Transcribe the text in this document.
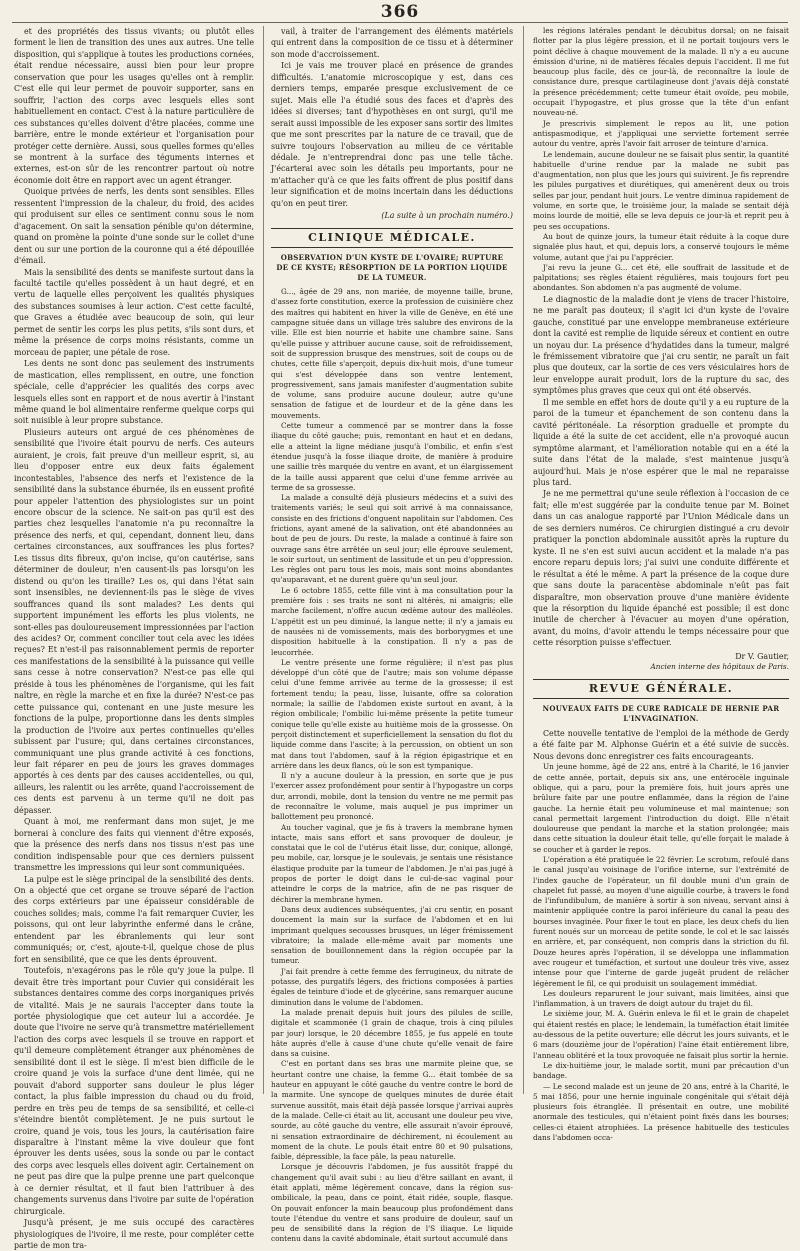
366

et des propriétés des tissus vivants; ou plutôt elles forment le lien de transition des unes aux autres. Une telle disposition, qui s'applique à toutes les productions cornées, était rendue nécessaire, aussi bien pour leur propre conservation que pour les usages qu'elles ont à remplir. C'est elle qui leur permet de pouvoir supporter, sans en souffrir, l'action des corps avec lesquels elles sont habituellement en contact. C'est à la nature particulière de ces substances qu'elles doivent d'être placées, comme une barrière, entre le monde extérieur et l'organisation pour protéger cette dernière. Aussi, sous quelles formes qu'elles se montrent à la surface des téguments internes et externes, est-on sûr de les rencontrer partout où notre économie doit être en rapport avec un agent étranger.

Quoique privées de nerfs, les dents sont sensibles. Elles ressentent l'impression de la chaleur, du froid, des acides qui produisent sur elles ce sentiment connu sous le nom d'agacement. On sait la sensation pénible qu'on détermine, quand on promène la pointe d'une sonde sur le collet d'une dent ou sur une portion de la couronne qui a été dépouillée d'émail.

Mais la sensibilité des dents se manifeste surtout dans la faculté tactile qu'elles possèdent à un haut degré, et en vertu de laquelle elles perçoivent les qualités physiques des substances soumises à leur action. C'est cette faculté, que Graves a étudiée avec beaucoup de soin, qui leur permet de sentir les corps les plus petits, s'ils sont durs, et même la présence de corps moins résistants, comme un morceau de papier, une pétale de rose.

Les dents ne sont donc pas seulement des instruments de mastication, elles remplissent, en outre, une fonction spéciale, celle d'apprécier les qualités des corps avec lesquels elles sont en rapport et de nous avertir à l'instant même quand le bol alimentaire renferme quelque corps qui soit nuisible à leur propre substance.

Plusieurs auteurs ont argué de ces phénomènes de sensibilité que l'ivoire était pourvu de nerfs. Ces auteurs auraient, je crois, fait preuve d'un meilleur esprit, si, au lieu d'opposer entre eux deux faits également incontestables, l'absence des nerfs et l'existence de la sensibilité dans la substance éburnée, ils en eussent profité pour appeler l'attention des physiologistes sur un point encore obscur de la science. Ne sait-on pas qu'il est des parties chez lesquelles l'anatomie n'a pu reconnaître la présence des nerfs, et qui, cependant, donnent lieu, dans certaines circonstances, aux souffrances les plus fortes? Les tissus dits fibreux, qu'on incise, qu'on cautérise, sans déterminer de douleur, n'en causent-ils pas lorsqu'on les distend ou qu'on les tiraille? Les os, qui dans l'état sain sont insensibles, ne deviennent-ils pas le siège de vives souffrances quand ils sont malades? Les dents qui supportent impunément les efforts les plus violents, ne sont-elles pas douloureusement impressionnées par l'action des acides? Or, comment concilier tout cela avec les idées reçues? Et n'est-il pas raisonnablement permis de reporter ces manifestations de la sensibilité à la puissance qui veille sans cesse à notre conservation? N'est-ce pas elle qui préside à tous les phénomènes de l'organisme, qui les fait naître, en règle la marche et en fixe la durée? N'est-ce pas cette puissance qui, contenant en une juste mesure les fonctions de la pulpe, proportionne dans les dents simples la production de l'ivoire aux pertes continuelles qu'elles subissent par l'usure; qui, dans certaines circonstances, communiquant une plus grande activité à ces fonctions, leur fait réparer en peu de jours les graves dommages apportés à ces dents par des causes accidentelles, ou qui, ailleurs, les ralentit ou les arrête, quand l'accroissement de ces dents est parvenu à un terme qu'il ne doit pas dépasser.

Quant à moi, me renfermant dans mon sujet, je me bornerai à conclure des faits qui viennent d'être exposés, que la présence des nerfs dans nos tissus n'est pas une condition indispensable pour que ces derniers puissent transmettre les impressions qui leur sont communiquées.

La pulpe est le siège principal de la sensibilité des dents. On a objecté que cet organe se trouve séparé de l'action des corps extérieurs par une épaisseur considérable de couches solides; mais, comme l'a fait remarquer Cuvier, les poissons, qui ont leur labyrinthe enfermé dans le crâne, entendent par les ébranlements qui leur sont communiqués; or, c'est, ajoute-t-il, quelque chose de plus fort en sensibilité, que ce que les dents éprouvent.

Toutefois, n'exagérons pas le rôle qu'y joue la pulpe. Il devait être très important pour Cuvier qui considérait les substances dentaires comme des corps inorganiques privés de vitalité. Mais je ne saurais l'accepter dans toute la portée physiologique que cet auteur lui a accordée. Je doute que l'ivoire ne serve qu'à transmettre matériellement l'action des corps avec lesquels il se trouve en rapport et qu'il demeure complètement étranger aux phénomènes de sensibilité dont il est le siège. Il m'est bien difficile de le croire quand je vois la surface d'une dent limée, qui ne pouvait d'abord supporter sans douleur le plus léger contact, la plus faible impression du chaud ou du froid, perdre en très peu de temps de sa sensibilité, et celle-ci s'éteindre bientôt complètement. Je ne puis surtout le croire, quand je vois, tous les jours, la cautérisation faire disparaître à l'instant même la vive douleur que font éprouver les dents usées, sous la sonde ou par le contact des corps avec lesquels elles doivent agir. Certainement on ne peut pas dire que la pulpe prenne une part quelconque à ce dernier résultat, et il faut bien l'attribuer à des changements survenus dans l'ivoire par suite de l'opération chirurgicale.

Jusqu'à présent, je me suis occupé des caractères physiologiques de l'ivoire, il me reste, pour compléter cette partie de mon tra-

vail, à traiter de l'arrangement des éléments matériels qui entrent dans la composition de ce tissu et à déterminer son mode d'accroissement.

Ici je vais me trouver placé en présence de grandes difficultés. L'anatomie microscopique y est, dans ces derniers temps, emparée presque exclusivement de ce sujet. Mais elle l'a étudié sous des faces et d'après des idées si diverses; tant d'hypothèses en ont surgi, qu'il me serait aussi impossible de les exposer sans sortir des limites que me sont prescrites par la nature de ce travail, que de suivre toujours l'observation au milieu de ce véritable dédale. Je n'entreprendrai donc pas une telle tâche. J'écarterai avec soin les détails peu importants, pour ne m'attacher qu'à ce que les faits offrent de plus positif dans leur signification et de moins incertain dans les déductions qu'on en peut tirer.

(La suite à un prochain numéro.)

CLINIQUE MÉDICALE.

OBSERVATION D'UN KYSTE DE L'OVAIRE; RUPTURE DE CE KYSTE; RÉSORPTION DE LA PORTION LIQUIDE DE LA TUMEUR.

G..., âgée de 29 ans, non mariée, de moyenne taille, brune, d'assez forte constitution, exerce la profession de cuisinière chez des maîtres qui habitent en hiver la ville de Genève, en été une campagne située dans un village très salubre des environs de la ville. Elle est bien nourrie et habite une chambre saine. Sans qu'elle puisse y attribuer aucune cause, soit de refroidissement, soit de suppression brusque des menstrues, soit de coups ou de chutes, cette fille s'aperçoit, depuis dix-huit mois, d'une tumeur qui s'est développée dans son ventre lentement, progressivement, sans jamais manifester d'augmentation subite de volume, sans produire aucune douleur, autre qu'une sensation de fatigue et de lourdeur et de la gêne dans les mouvements.

Cette tumeur a commencé par se montrer dans la fosse iliaque du côté gauche; puis, remontant en haut et en dedans, elle a atteint la ligne médiane jusqu'à l'ombilic, et enfin s'est étendue jusqu'à la fosse iliaque droite, de manière à produire une saillie très marquée du ventre en avant, et un élargissement de la taille aussi apparent que celui d'une femme arrivée au terme de sa grossesse.

La malade a consulté déjà plusieurs médecins et a suivi des traitements variés; le seul qui soit arrivé à ma connaissance, consiste en des frictions d'onguent napolitain sur l'abdomen. Ces frictions, ayant amené de la salivation, ont été abandonnées au bout de peu de jours. Du reste, la malade a continué à faire son ouvrage sans être arrêtée un seul jour; elle éprouve seulement, le soir surtout, un sentiment de lassitude et un peu d'oppression. Les règles ont paru tous les mois, mais sont moins abondantes qu'auparavant, et ne durent guère qu'un seul jour.

Le 6 octobre 1855, cette fille vint à ma consultation pour la première fois : ses traits ne sont ni altérés, ni amaigris; elle marche facilement, n'offre aucun œdème autour des malléoles. L'appétit est un peu diminué, la langue nette; il n'y a jamais eu de nausées ni de vomissements, mais des borborygmes et une disposition habituelle à la constipation. Il n'y a pas de leucorrhée.

Le ventre présente une forme régulière; il n'est pas plus développé d'un côté que de l'autre; mais son volume dépasse celui d'une femme arrivée au terme de la grossesse; il est fortement tendu; la peau, lisse, luisante, offre sa coloration normale; la saillie de l'abdomen existe surtout en avant, à la région ombilicale; l'ombilic lui-même présente la petite tumeur conique telle qu'elle existe au huitième mois de la grossesse. On perçoit distinctement et superficiellement la sensation du flot du liquide comme dans l'ascite; à la percussion, on obtient un son mat dans tout l'abdomen, sauf à la région épigastrique et en arrière dans les deux flancs, où le son est tympanique.

Il n'y a aucune douleur à la pression, en sorte que je pus l'exercer assez profondément pour sentir à l'hypogastre un corps dur, arrondi, mobile, dont la tension du ventre ne me permit pas de reconnaître le volume, mais auquel je pus imprimer un ballottement peu prononcé.

Au toucher vaginal, que je fis à travers la membrane hymen intacte, mais sans effort et sans provoquer de douleur, je constatai que le col de l'utérus était lisse, dur, conique, allongé, peu mobile, car, lorsque je le soulevais, je sentais une résistance élastique produite par la tumeur de l'abdomen. Je n'ai pas jugé à propos de porter le doigt dans le cul-de-sac vaginal pour atteindre le corps de la matrice, afin de ne pas risquer de déchirer la membrane hymen.

Dans deux audiences subséquentes, j'ai cru sentir, en posant doucement la main sur la surface de l'abdomen et en lui imprimant quelques secousses brusques, un léger frémissement vibratoire; la malade elle-même avait par moments une sensation de bouillonnement dans la région occupée par la tumeur.

J'ai fait prendre à cette femme des ferrugineux, du nitrate de potasse, des purgatifs légers, des frictions composées à parties égales de teinture d'iode et de glycérine, sans remarquer aucune diminution dans le volume de l'abdomen.

La malade prenait depuis huit jours des pilules de scille, digitale et scammonée (1 grain de chaque, trois à cinq pilules par jour) lorsque, le 20 décembre 1855, je fus appelé en toute hâte auprès d'elle à cause d'une chute qu'elle venait de faire dans sa cuisine.

C'est en portant dans ses bras une marmite pleine que, se heurtant contre une chaise, la femme G... était tombée de sa hauteur en appuyant le côté gauche du ventre contre le bord de la marmite. Une syncope de quelques minutes de durée était survenue aussitôt, mais était déjà passée lorsque j'arrivai auprès de la malade. Celle-ci était au lit, accusant une douleur peu vive, sourde, au côté gauche du ventre, elle assurait n'avoir éprouvé, ni sensation extraordinaire de déchirement, ni écoulement au moment de la chute. Le pouls était entre 80 et 90 pulsations, faible, dépressible, la face pâle, la peau naturelle.

Lorsque je découvris l'abdomen, je fus aussitôt frappé du changement qu'il avait subi : au lieu d'être saillant en avant, il était applati, même légèrement concave, dans la région sus-ombilicale, la peau, dans ce point, était ridée, souple, flasque. On pouvait enfoncer la main beaucoup plus profondément dans toute l'étendue du ventre et sans produire de douleur, sauf un peu de sensibilité dans la région de l'S iliaque. Le liquide contenu dans la cavité abdominale, était surtout accumulé dans

les régions latérales pendant le décubitus dorsal; on ne faisait flotter par la plus légère pression, et il ne portait toujours vers le point déclive à chaque mouvement de la malade. Il n'y a eu aucune émission d'urine, ni de matières fécales depuis l'accident. Il me fut beaucoup plus facile, dès ce jour-là, de reconnaître la loule de consistance dure, presque cartilagineuse dont j'avais déjà constaté la présence précédemment; cette tumeur était ovoïde, peu mobile, occupait l'hypogastre, et plus grosse que la tête d'un enfant nouveau-né.

Je prescrivis simplement le repos au lit, une potion antispasmodique, et j'appliquai une serviette fortement serrée autour du ventre, après l'avoir fait arroser de teinture d'arnica.

Le lendemain, aucune douleur ne se faisait plus sentir, la quantité habituelle d'urine rendue par la malade ne subit pas d'augmentation, non plus que les jours qui suivirent. Je fis reprendre les pilules purgatives et diurétiques, qui amenèrent deux ou trois selles par jour, pendant huit jours. Le ventre diminua rapidement de volume, en sorte que, le troisième jour, la malade se sentait déjà moins lourde de moitié, elle se leva depuis ce jour-là et reprit peu à peu ses occupations.

Au bout de quinze jours, la tumeur était réduite à la coque dure signalée plus haut, et qui, depuis lors, a conservé toujours le même volume, autant que j'ai pu l'apprécier.

J'ai revu la jeune G... cet été, elle souffrait de lassitude et de palpitations; ses règles étaient régulières, mais toujours fort peu abondantes. Son abdomen n'a pas augmenté de volume.

Le diagnostic de la maladie dont je viens de tracer l'histoire, ne me paraît pas douteux; il s'agit ici d'un kyste de l'ovaire gauche, constitué par une enveloppe membraneuse extérieure dont la cavité est remplie de liquide séreux et contient en outre un noyau dur. La présence d'hydatides dans la tumeur, malgré le frémissement vibratoire que j'ai cru sentir, ne paraît un fait plus que douteux, car la sortie de ces vers vésiculaires hors de leur enveloppe aurait produit, lors de la rupture du sac, des symptômes plus graves que ceux qui ont été observés.

Il me semble en effet hors de doute qu'il y a eu rupture de la paroi de la tumeur et épanchement de son contenu dans la cavité péritonéale. La résorption graduelle et prompte du liquide a été la suite de cet accident, elle n'a provoqué aucun symptôme alarmant, et l'amélioration notable qui en a été la suite dans l'état de la malade, s'est maintenue jusqu'à aujourd'hui. Mais je n'ose espérer que le mal ne reparaisse plus tard.

Je ne me permettrai qu'une seule réflexion à l'occasion de ce fait; elle m'est suggérée par la conduite tenue par M. Boinet dans un cas analogue rapporté par l'Union Médicale dans un de ses derniers numéros. Ce chirurgien distingué a cru devoir pratiquer la ponction abdominale aussitôt après la rupture du kyste. Il ne s'en est suivi aucun accident et la malade n'a pas encore reparu depuis lors; j'ai suivi une conduite différente et le résultat a été le même. A part la présence de la coque dure que sans doute la paracentèse abdominale n'eût pas fait disparaître, mon observation prouve d'une manière évidente que la résorption du liquide épanché est possible; il est donc inutile de chercher à l'évacuer au moyen d'une opération, avant, du moins, d'avoir attendu le temps nécessaire pour que cette résorption puisse s'effectuer.

Dr V. Gautier,

Ancien interne des hôpitaux de Paris.

REVUE GÉNÉRALE.

NOUVEAUX FAITS DE CURE RADICALE DE HERNIE PAR L'INVAGINATION.

Cette nouvelle tentative de l'emploi de la méthode de Gerdy a été faite par M. Alphonse Guérin et a été suivie de succès. Nous devons donc enregistrer ces faits encourageants.

Un jeune homme, âgé de 22 ans, entré à la Charité, le 16 janvier de cette année, portait, depuis six ans, une entérocèle inguinale oblique, qui a paru, pour la première fois, huit jours après une brûlure faite par une poutre enflammée, dans la région de l'aine gauche. La hernie était peu volumineuse et mal maintenue; son canal permettait largement l'introduction du doigt. Elle n'était douloureuse que pendant la marche et la station prolongée; mais dans cette situation la douleur était telle, qu'elle forçait le malade à se coucher et à garder le repos.

L'opération a été pratiquée le 22 février. Le scrotum, refoulé dans le canal jusqu'au voisinage de l'orifice interne, sur l'extrémité de l'index gauche de l'opérateur, un fil double muni d'un grain de chapelet fut passé, au moyen d'une aiguille courbe, à travers le fond de l'infundibulum, de manière à sortir à son niveau, servant ainsi à maintenir appliquée contre la paroi inférieure du canal la peau des bourses invaginée. Pour fixer le tout en place, les deux chefs du lien furent noués sur un morceau de petite sonde, le col et le sac laissés en arrière, et, par conséquent, non compris dans la striction du fil. Douze heures après l'opération, il se développa une inflammation avec rougeur et tuméfaction, et surtout une douleur très vive, assez intense pour que l'interne de garde jugeât prudent de relâcher légèrement le fil, ce qui produisit un soulagement immédiat.

Les douleurs reparurent le jour suivant, mais limitées, ainsi que l'inflammation, à un travers de doigt autour du trajet du fil.

Le sixième jour, M. A. Guérin enleva le fil et le grain de chapelet qui étaient restés en place; le lendemain, la tuméfaction était limitée au-dessous de la petite ouverture; elle décrut les jours suivants, et le 6 mars (douzième jour de l'opération) l'aine était entièrement libre, l'anneau oblitéré et la toux provoquée ne faisait plus sortir la hernie.

Le dix-huitième jour, le malade sortit, muni par précaution d'un bandage.

— Le second malade est un jeune de 20 ans, entré à la Charité, le 5 mai 1856, pour une hernie inguinale congénitale qui s'était déjà plusieurs fois étranglée. Il présentait en outre, une mobilité anormale des testicules, qui n'étaient point fixés dans les bourses; celles-ci étaient atrophiées. La présence habituelle des testicules dans l'abdomen occa-
